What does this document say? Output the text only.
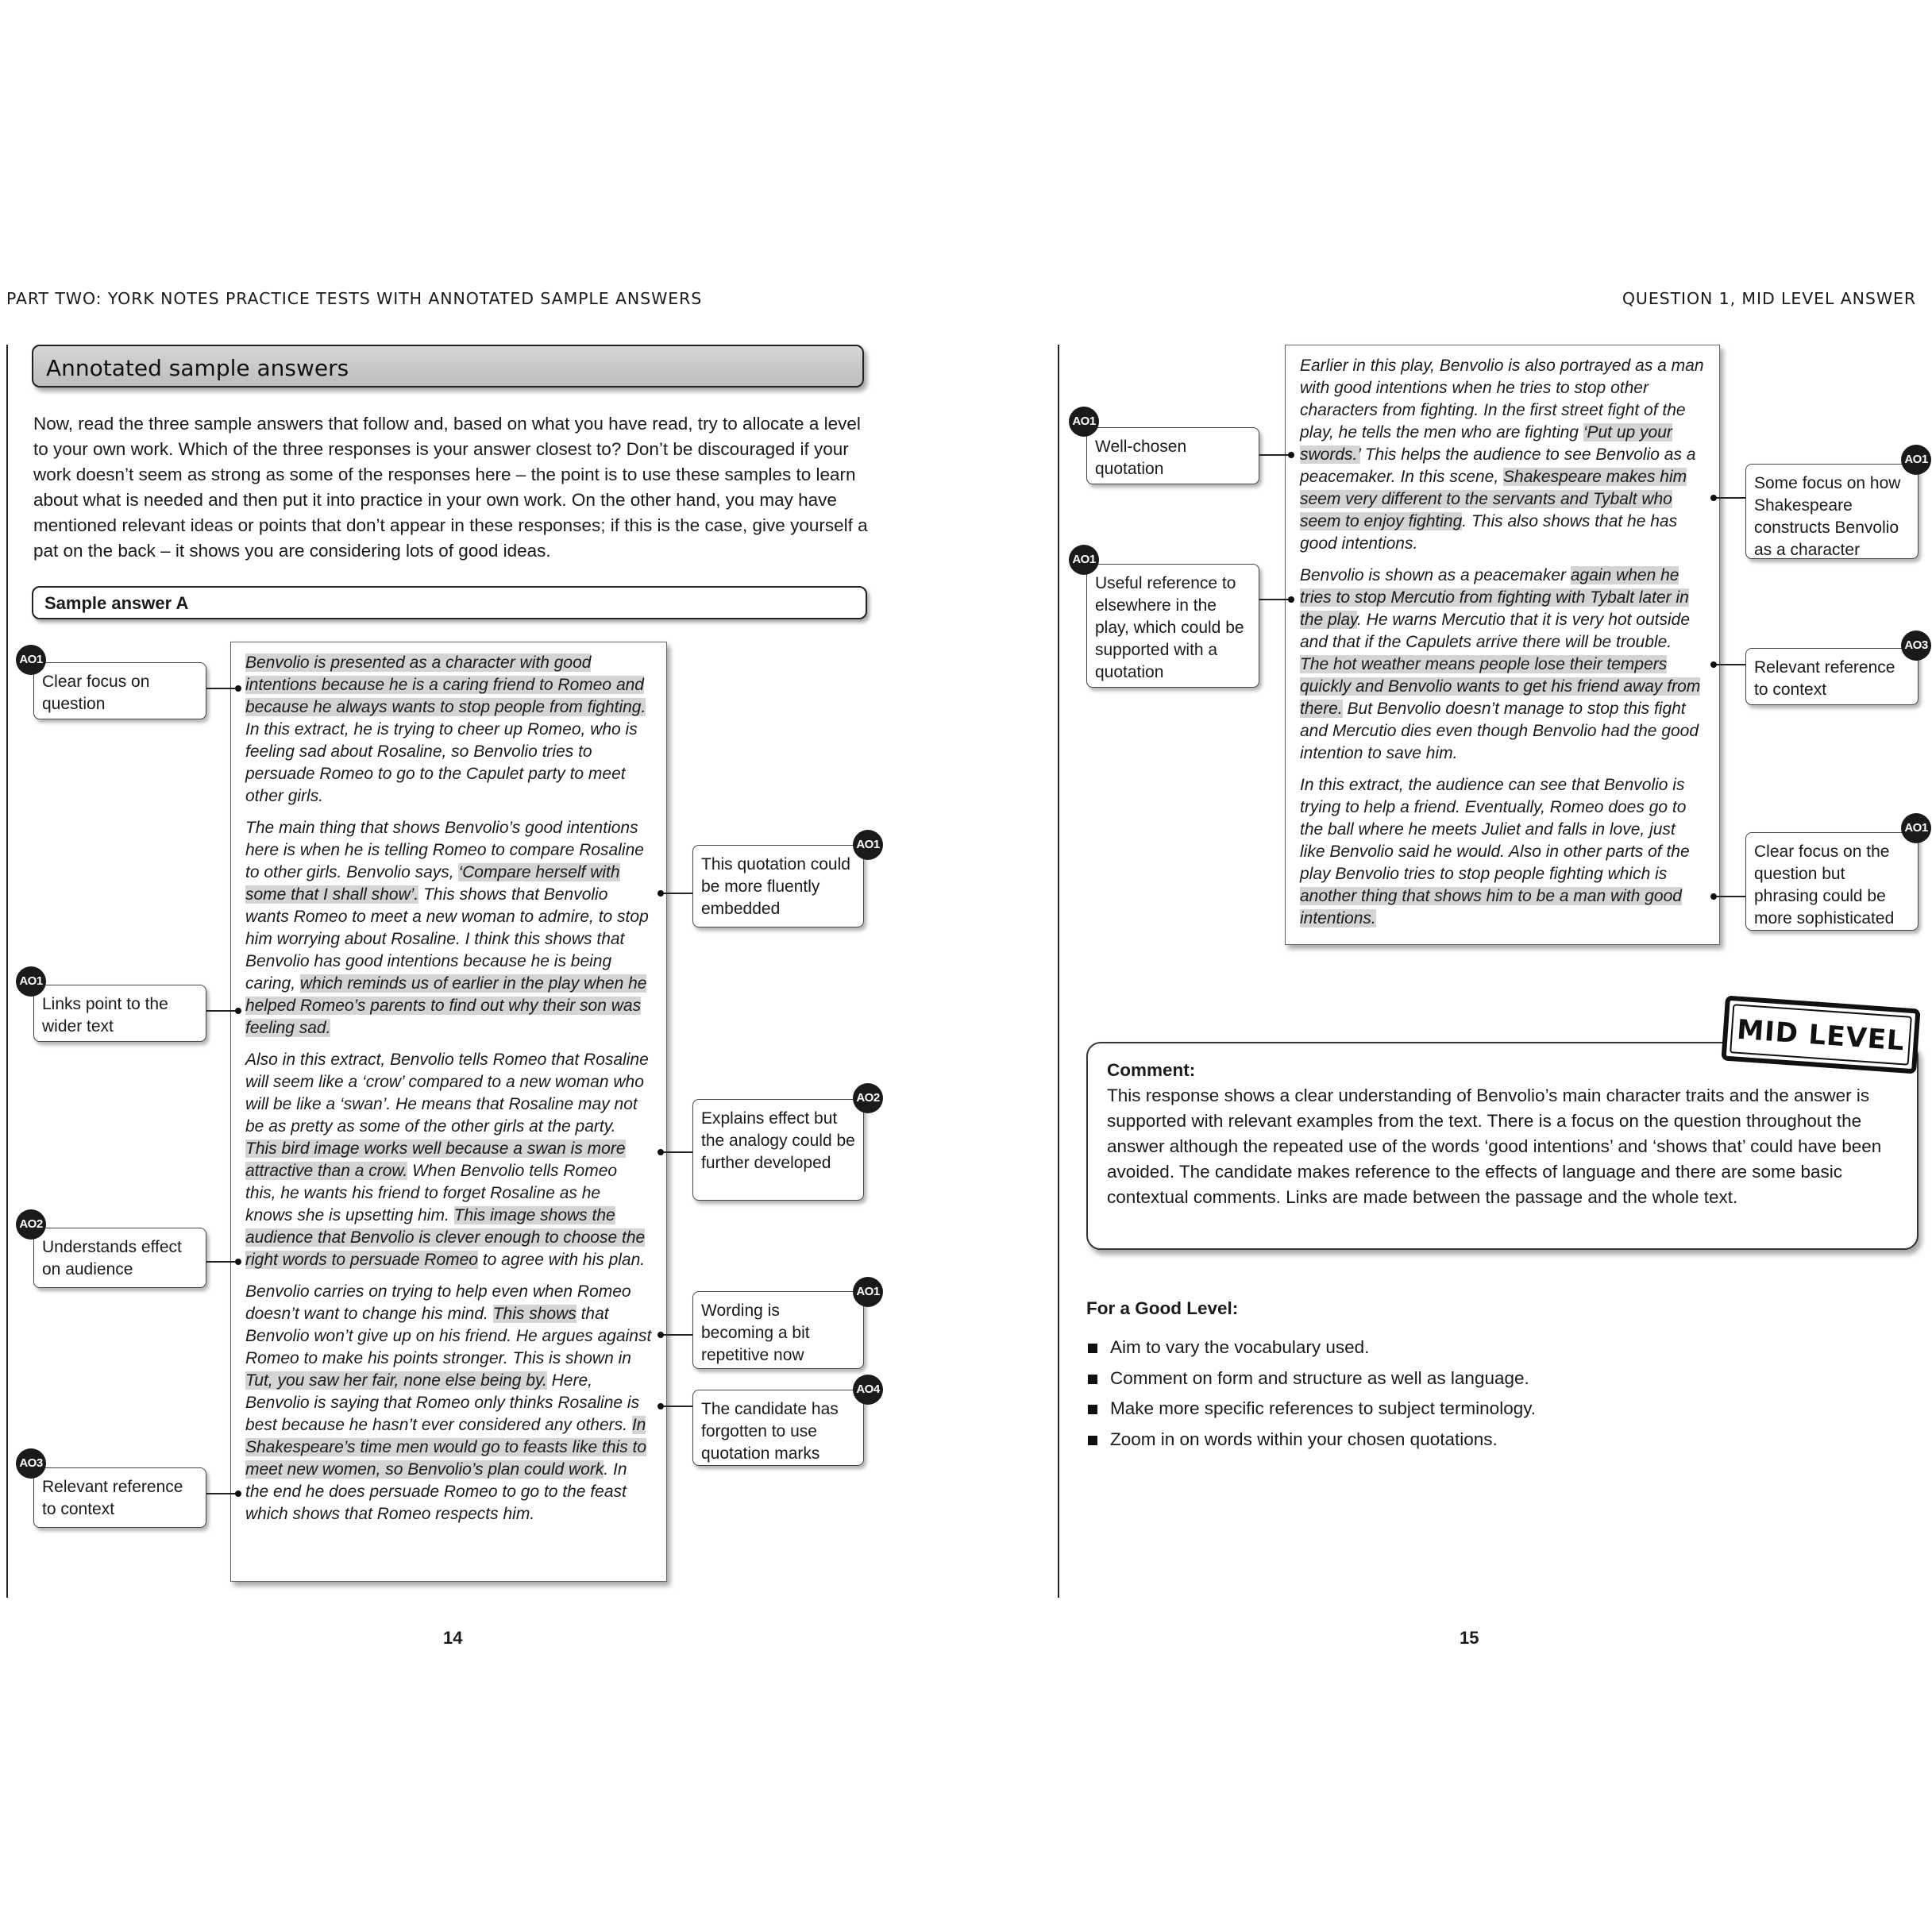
PART TWO: YORK NOTES PRACTICE TESTS WITH ANNOTATED SAMPLE ANSWERS	QUESTION 1, MID LEVEL ANSWER
Annotated sample answers
Now, read the three sample answers that follow and, based on what you have read, try to allocate a level to your own work. Which of the three responses is your answer closest to? Don’t be discouraged if your work doesn’t seem as strong as some of the responses here – the point is to use these samples to learn about what is needed and then put it into practice in your own work. On the other hand, you may have mentioned relevant ideas or points that don’t appear in these responses; if this is the case, give yourself a pat on the back – it shows you are considering lots of good ideas.
Sample answer A

Benvolio is presented as a character with good intentions because he is a caring friend to Romeo and because he always wants to stop people from fighting. In this extract, he is trying to cheer up Romeo, who is feeling sad about Rosaline, so Benvolio tries to persuade Romeo to go to the Capulet party to meet other girls.

The main thing that shows Benvolio’s good intentions here is when he is telling Romeo to compare Rosaline to other girls. Benvolio says, ‘Compare herself with some that I shall show’. This shows that Benvolio wants Romeo to meet a new woman to admire, to stop him worrying about Rosaline. I think this shows that Benvolio has good intentions because he is being caring, which reminds us of earlier in the play when he helped Romeo’s parents to find out why their son was feeling sad.

Also in this extract, Benvolio tells Romeo that Rosaline will seem like a ‘crow’ compared to a new woman who will be like a ‘swan’. He means that Rosaline may not be as pretty as some of the other girls at the party. This bird image works well because a swan is more attractive than a crow. When Benvolio tells Romeo this, he wants his friend to forget Rosaline as he knows she is upsetting him. This image shows the audience that Benvolio is clever enough to choose the right words to persuade Romeo to agree with his plan.

Benvolio carries on trying to help even when Romeo doesn’t want to change his mind. This shows that Benvolio won’t give up on his friend. He argues against Romeo to make his points stronger. This is shown in Tut, you saw her fair, none else being by. Here, Benvolio is saying that Romeo only thinks Rosaline is best because he hasn’t ever considered any others. In Shakespeare’s time men would go to feasts like this to meet new women, so Benvolio’s plan could work. In the end he does persuade Romeo to go to the feast which shows that Romeo respects him.

Clear focus on question
AO1
Links point to the wider text
AO1
Understands effect on audience
AO2
Relevant reference to context
AO3
This quotation could be more fluently embedded
AO1
Explains effect but the analogy could be further developed
AO2
Wording is becoming a bit repetitive now
AO1
The candidate has forgotten to use quotation marks
AO4
14

Earlier in this play, Benvolio is also portrayed as a man with good intentions when he tries to stop other characters from fighting. In the first street fight of the play, he tells the men who are fighting ‘Put up your swords.’ This helps the audience to see Benvolio as a peacemaker. In this scene, Shakespeare makes him seem very different to the servants and Tybalt who seem to enjoy fighting. This also shows that he has good intentions.

Benvolio is shown as a peacemaker again when he tries to stop Mercutio from fighting with Tybalt later in the play. He warns Mercutio that it is very hot outside and that if the Capulets arrive there will be trouble. The hot weather means people lose their tempers quickly and Benvolio wants to get his friend away from there. But Benvolio doesn’t manage to stop this fight and Mercutio dies even though Benvolio had the good intention to save him.

In this extract, the audience can see that Benvolio is trying to help a friend. Eventually, Romeo does go to the ball where he meets Juliet and falls in love, just like Benvolio said he would. Also in other parts of the play Benvolio tries to stop people fighting which is another thing that shows him to be a man with good intentions.

Well-chosen quotation
AO1
Useful reference to elsewhere in the play, which could be supported with a quotation
AO1
Some focus on how Shakespeare constructs Benvolio as a character
AO1
Relevant reference to context
AO3
Clear focus on the question but phrasing could be more sophisticated
AO1
Comment:
This response shows a clear understanding of Benvolio’s main character traits and the answer is supported with relevant examples from the text. There is a focus on the question throughout the answer although the repeated use of the words ‘good intentions’ and ‘shows that’ could have been avoided. The candidate makes reference to the effects of language and there are some basic contextual comments. Links are made between the passage and the whole text.
MID LEVEL
For a Good Level:
Aim to vary the vocabulary used.
Comment on form and structure as well as language.
Make more specific references to subject terminology.
Zoom in on words within your chosen quotations.
15
